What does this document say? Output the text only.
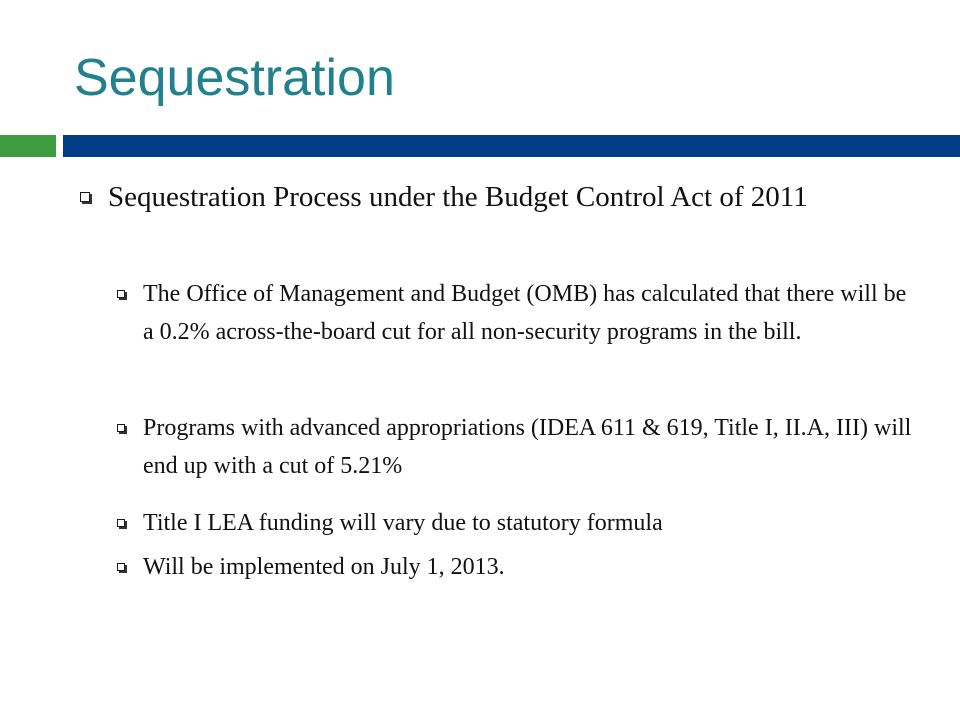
Sequestration
Sequestration Process under the Budget Control Act of 2011
The Office of Management and Budget (OMB) has calculated that there will be a 0.2% across-the-board cut for all non-security programs in the bill.
Programs with advanced appropriations (IDEA 611 & 619, Title I, II.A, III) will end up with a cut of 5.21%
Title I LEA funding will vary due to statutory formula
Will be implemented on July 1, 2013.
